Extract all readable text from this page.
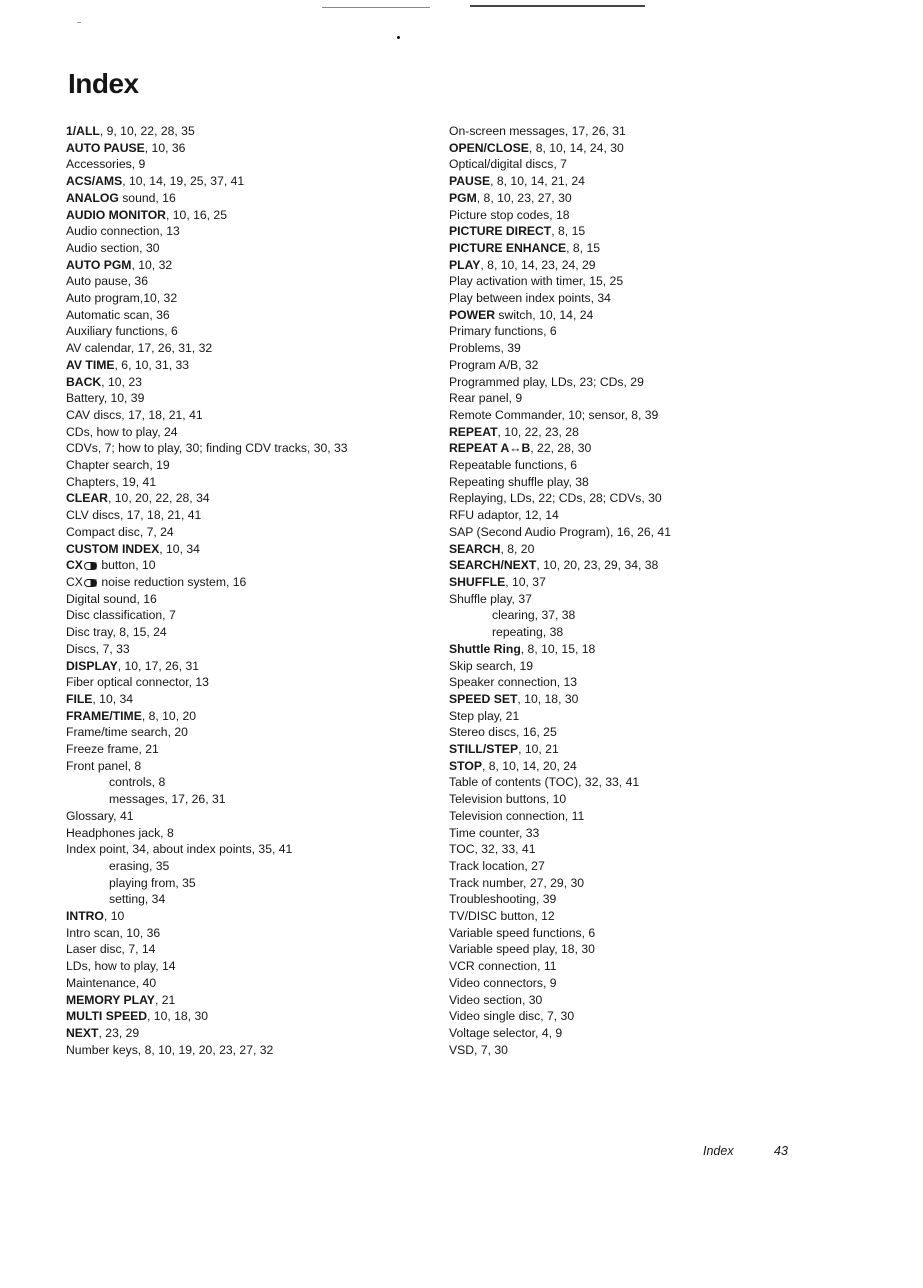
Index
1/ALL, 9, 10, 22, 28, 35
AUTO PAUSE, 10, 36
Accessories, 9
ACS/AMS, 10, 14, 19, 25, 37, 41
ANALOG sound, 16
AUDIO MONITOR, 10, 16, 25
Audio connection, 13
Audio section, 30
AUTO PGM, 10, 32
Auto pause, 36
Auto program,10, 32
Automatic scan, 36
Auxiliary functions, 6
AV calendar, 17, 26, 31, 32
AV TIME, 6, 10, 31, 33
BACK, 10, 23
Battery, 10, 39
CAV discs, 17, 18, 21, 41
CDs, how to play, 24
CDVs, 7; how to play, 30; finding CDV tracks, 30, 33
Chapter search, 19
Chapters, 19, 41
CLEAR, 10, 20, 22, 28, 34
CLV discs, 17, 18, 21, 41
Compact disc, 7, 24
CUSTOM INDEX, 10, 34
CX button, 10
CX noise reduction system, 16
Digital sound, 16
Disc classification, 7
Disc tray, 8, 15, 24
Discs, 7, 33
DISPLAY, 10, 17, 26, 31
Fiber optical connector, 13
FILE, 10, 34
FRAME/TIME, 8, 10, 20
Frame/time search, 20
Freeze frame, 21
Front panel, 8
controls, 8
messages, 17, 26, 31
Glossary, 41
Headphones jack, 8
Index point, 34, about index points, 35, 41
erasing, 35
playing from, 35
setting, 34
INTRO, 10
Intro scan, 10, 36
Laser disc, 7, 14
LDs, how to play, 14
Maintenance, 40
MEMORY PLAY, 21
MULTI SPEED, 10, 18, 30
NEXT, 23, 29
Number keys, 8, 10, 19, 20, 23, 27, 32
On-screen messages, 17, 26, 31
OPEN/CLOSE, 8, 10, 14, 24, 30
Optical/digital discs, 7
PAUSE, 8, 10, 14, 21, 24
PGM, 8, 10, 23, 27, 30
Picture stop codes, 18
PICTURE DIRECT, 8, 15
PICTURE ENHANCE, 8, 15
PLAY, 8, 10, 14, 23, 24, 29
Play activation with timer, 15, 25
Play between index points, 34
POWER switch, 10, 14, 24
Primary functions, 6
Problems, 39
Program A/B, 32
Programmed play, LDs, 23; CDs, 29
Rear panel, 9
Remote Commander, 10; sensor, 8, 39
REPEAT, 10, 22, 23, 28
REPEAT A↔B, 22, 28, 30
Repeatable functions, 6
Repeating shuffle play, 38
Replaying, LDs, 22; CDs, 28; CDVs, 30
RFU adaptor, 12, 14
SAP (Second Audio Program), 16, 26, 41
SEARCH, 8, 20
SEARCH/NEXT, 10, 20, 23, 29, 34, 38
SHUFFLE, 10, 37
Shuffle play, 37
clearing, 37, 38
repeating, 38
Shuttle Ring, 8, 10, 15, 18
Skip search, 19
Speaker connection, 13
SPEED SET, 10, 18, 30
Step play, 21
Stereo discs, 16, 25
STILL/STEP, 10, 21
STOP, 8, 10, 14, 20, 24
Table of contents (TOC), 32, 33, 41
Television buttons, 10
Television connection, 11
Time counter, 33
TOC, 32, 33, 41
Track location, 27
Track number, 27, 29, 30
Troubleshooting, 39
TV/DISC button, 12
Variable speed functions, 6
Variable speed play, 18, 30
VCR connection, 11
Video connectors, 9
Video section, 30
Video single disc, 7, 30
Voltage selector, 4, 9
VSD, 7, 30
Index	43
